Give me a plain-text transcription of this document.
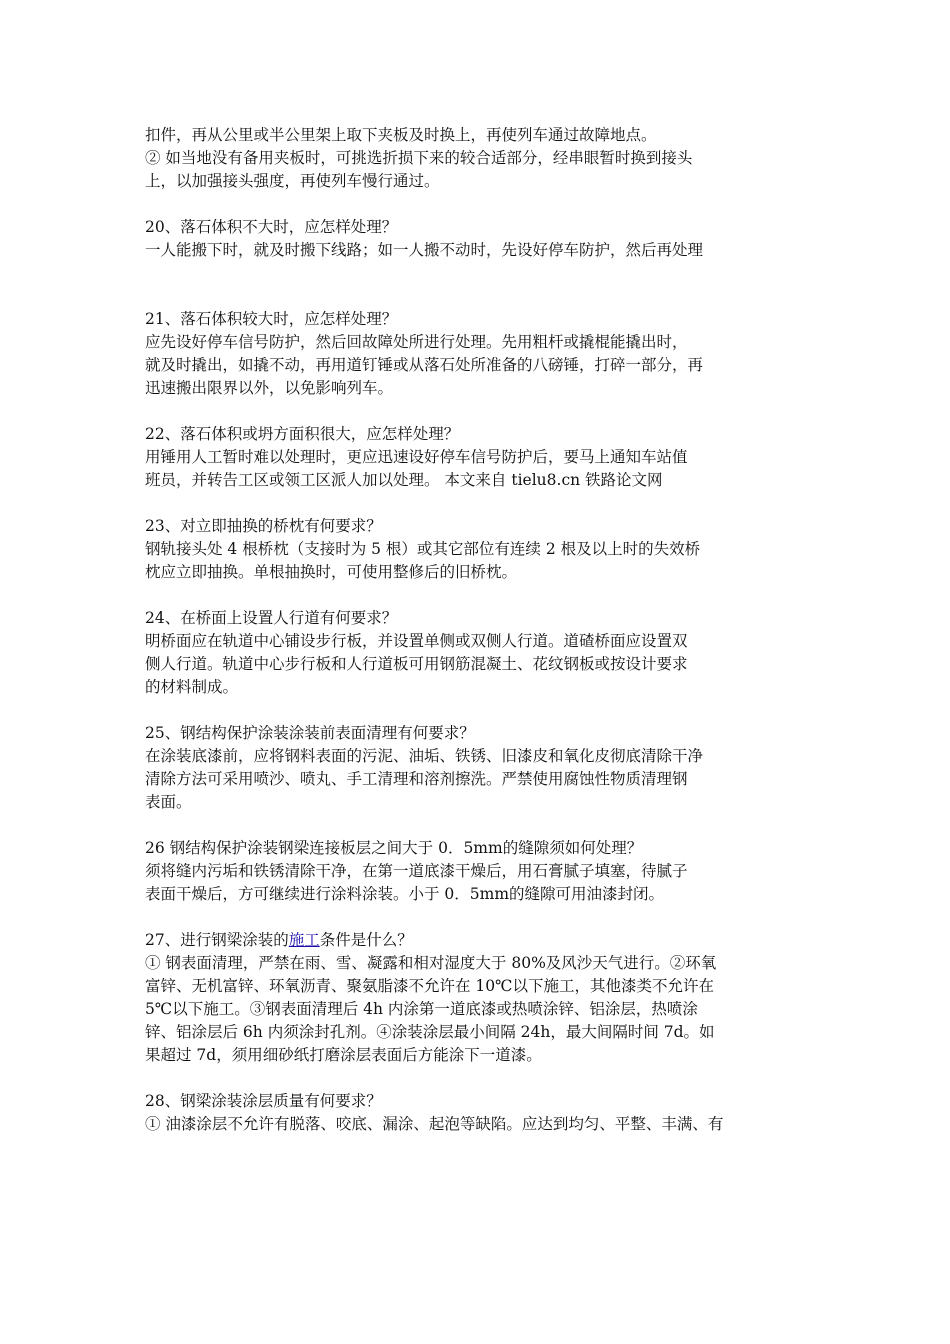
扣件，再从公里或半公里架上取下夹板及时换上，再使列车通过故障地点。
② 如当地没有备用夹板时，可挑选折损下来的较合适部分，经串眼暂时换到接头
上，以加强接头强度，再使列车慢行通过。
20、落石体积不大时，应怎样处理？
一人能搬下时，就及时搬下线路；如一人搬不动时，先设好停车防护，然后再处理
21、落石体积较大时，应怎样处理？
应先设好停车信号防护，然后回故障处所进行处理。先用粗杆或撬棍能撬出时，
就及时撬出，如撬不动，再用道钉锤或从落石处所准备的八磅锤，打碎一部分，再
迅速搬出限界以外，以免影响列车。
22、落石体积或坍方面积很大，应怎样处理？
用锤用人工暂时难以处理时，更应迅速设好停车信号防护后，要马上通知车站值
班员，并转告工区或领工区派人加以处理。 本文来自 tielu8.cn 铁路论文网
23、对立即抽换的桥枕有何要求？
钢轨接头处 4 根桥枕（支接时为 5 根）或其它部位有连续 2 根及以上时的失效桥
枕应立即抽换。单根抽换时，可使用整修后的旧桥枕。
24、在桥面上设置人行道有何要求？
明桥面应在轨道中心铺设步行板，并设置单侧或双侧人行道。道碴桥面应设置双
侧人行道。轨道中心步行板和人行道板可用钢筋混凝土、花纹钢板或按设计要求
的材料制成。
25、钢结构保护涂装涂装前表面清理有何要求？
在涂装底漆前，应将钢料表面的污泥、油垢、铁锈、旧漆皮和氧化皮彻底清除干净
清除方法可采用喷沙、喷丸、手工清理和溶剂擦洗。严禁使用腐蚀性物质清理钢
表面。
26 钢结构保护涂装钢梁连接板层之间大于 0．5mm的缝隙须如何处理？
须将缝内污垢和铁锈清除干净，在第一道底漆干燥后，用石膏腻子填塞，待腻子
表面干燥后，方可继续进行涂料涂装。小于 0．5mm的缝隙可用油漆封闭。
27、进行钢梁涂装的施工条件是什么？
① 钢表面清理，严禁在雨、雪、凝露和相对湿度大于 80%及风沙天气进行。②环氧
富锌、无机富锌、环氧沥青、聚氨脂漆不允许在 10℃以下施工，其他漆类不允许在
5℃以下施工。③钢表面清理后 4h 内涂第一道底漆或热喷涂锌、铝涂层，热喷涂
锌、铝涂层后 6h 内须涂封孔剂。④涂装涂层最小间隔 24h，最大间隔时间 7d。如
果超过 7d，须用细砂纸打磨涂层表面后方能涂下一道漆。
28、钢梁涂装涂层质量有何要求？
① 油漆涂层不允许有脱落、咬底、漏涂、起泡等缺陷。应达到均匀、平整、丰满、有
